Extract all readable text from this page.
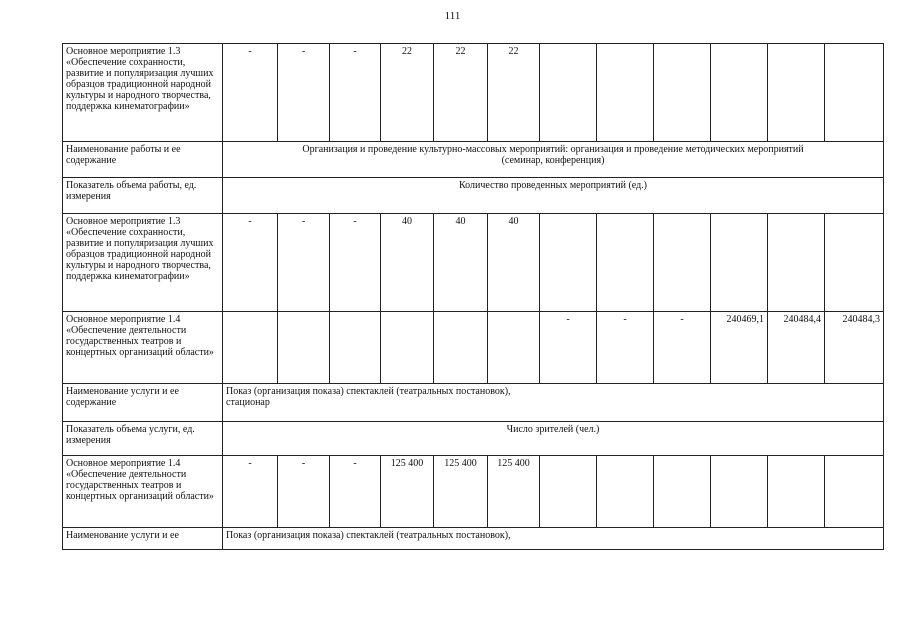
111
Основное мероприятие 1.3 «Обеспечение сохранности, развитие и популяризация лучших образцов традиционной народной культуры и народного творчества, поддержка кинематографии»	-	-	-	22	22	22						
Наименование работы и ее содержание	Организация и проведение культурно-массовых мероприятий: организация и проведение методических мероприятий
(семинар, конференция)											

Показатель объема работы, ед. измерения	Количество проведенных мероприятий (ед.)											

Основное мероприятие 1.3 «Обеспечение сохранности, развитие и популяризация лучших образцов традиционной народной культуры и народного творчества, поддержка кинематографии»	-	-	-	40	40	40						
Основное мероприятие 1.4 «Обеспечение деятельности государственных театров и концертных организаций области»							-	-	-	240469,1	240484,4	240484,3
Наименование услуги и ее содержание	Показ (организация показа) спектаклей (театральных постановок),
стационар											

Показатель объема услуги, ед. измерения	Число зрителей (чел.)											

Основное мероприятие 1.4 «Обеспечение деятельности государственных театров и концертных организаций области»	-	-	-	125 400	125 400	125 400						
Наименование услуги и ее	Показ (организация показа) спектаклей (театральных постановок),											
